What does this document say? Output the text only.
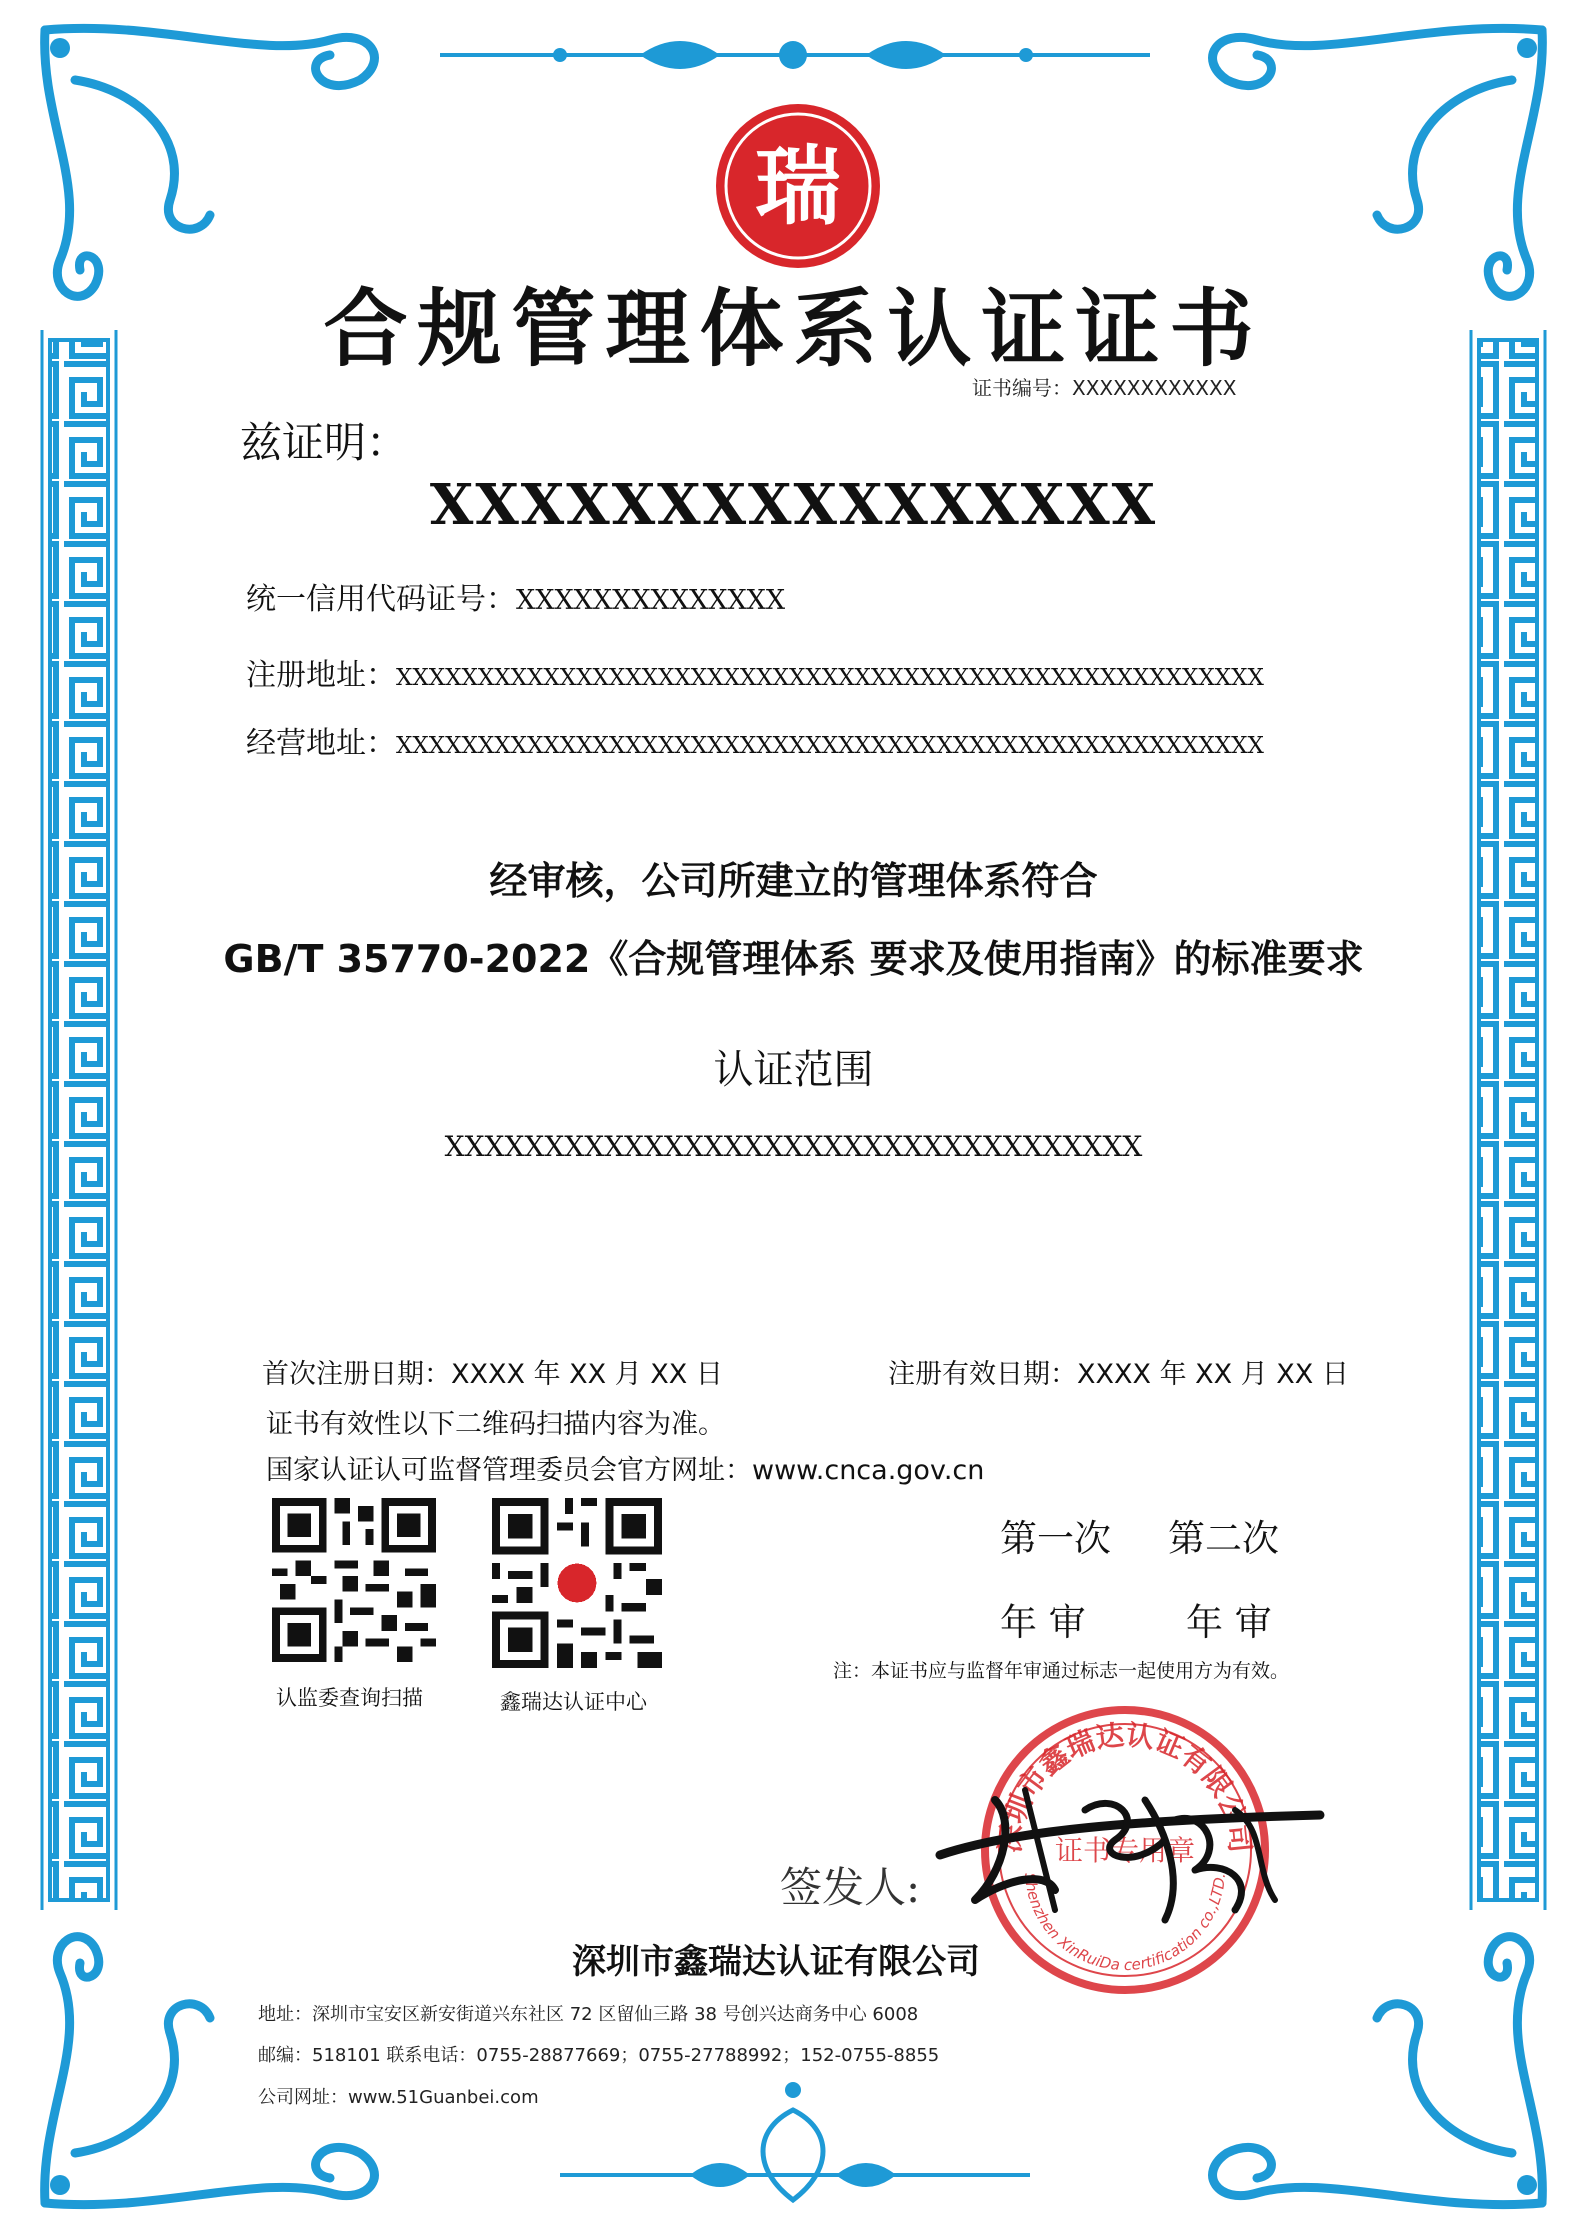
瑞
合规管理体系认证证书
证书编号：XXXXXXXXXXXX
兹证明：
XXXXXXXXXXXXXXXX
统一信用代码证号：XXXXXXXXXXXXXX
注册地址：XXXXXXXXXXXXXXXXXXXXXXXXXXXXXXXXXXXXXXXXXXXXXXXXXXXXX
经营地址：XXXXXXXXXXXXXXXXXXXXXXXXXXXXXXXXXXXXXXXXXXXXXXXXXXXXX
经审核，公司所建立的管理体系符合
GB/T 35770-2022《合规管理体系 要求及使用指南》的标准要求
认证范围
XXXXXXXXXXXXXXXXXXXXXXXXXXXXXXXXXXX
首次注册日期：XXXX 年 XX 月 XX 日	注册有效日期：XXXX 年 XX 月 XX 日
证书有效性以下二维码扫描内容为准。
国家认证认可监督管理委员会官方网址：www.cnca.gov.cn
认监委查询扫描	鑫瑞达认证中心
第一次 第二次
年 审	年 审
注：本证书应与监督年审通过标志一起使用方为有效。
深圳市鑫瑞达认证有限公司
Shenzhen XinRuiDa certification co.,LTD.
证书专用章
签发人:
深圳市鑫瑞达认证有限公司
地址：深圳市宝安区新安街道兴东社区 72 区留仙三路 38 号创兴达商务中心 6008
邮编：518101 联系电话：0755-28877669；0755-27788992；152-0755-8855
公司网址：www.51Guanbei.com
